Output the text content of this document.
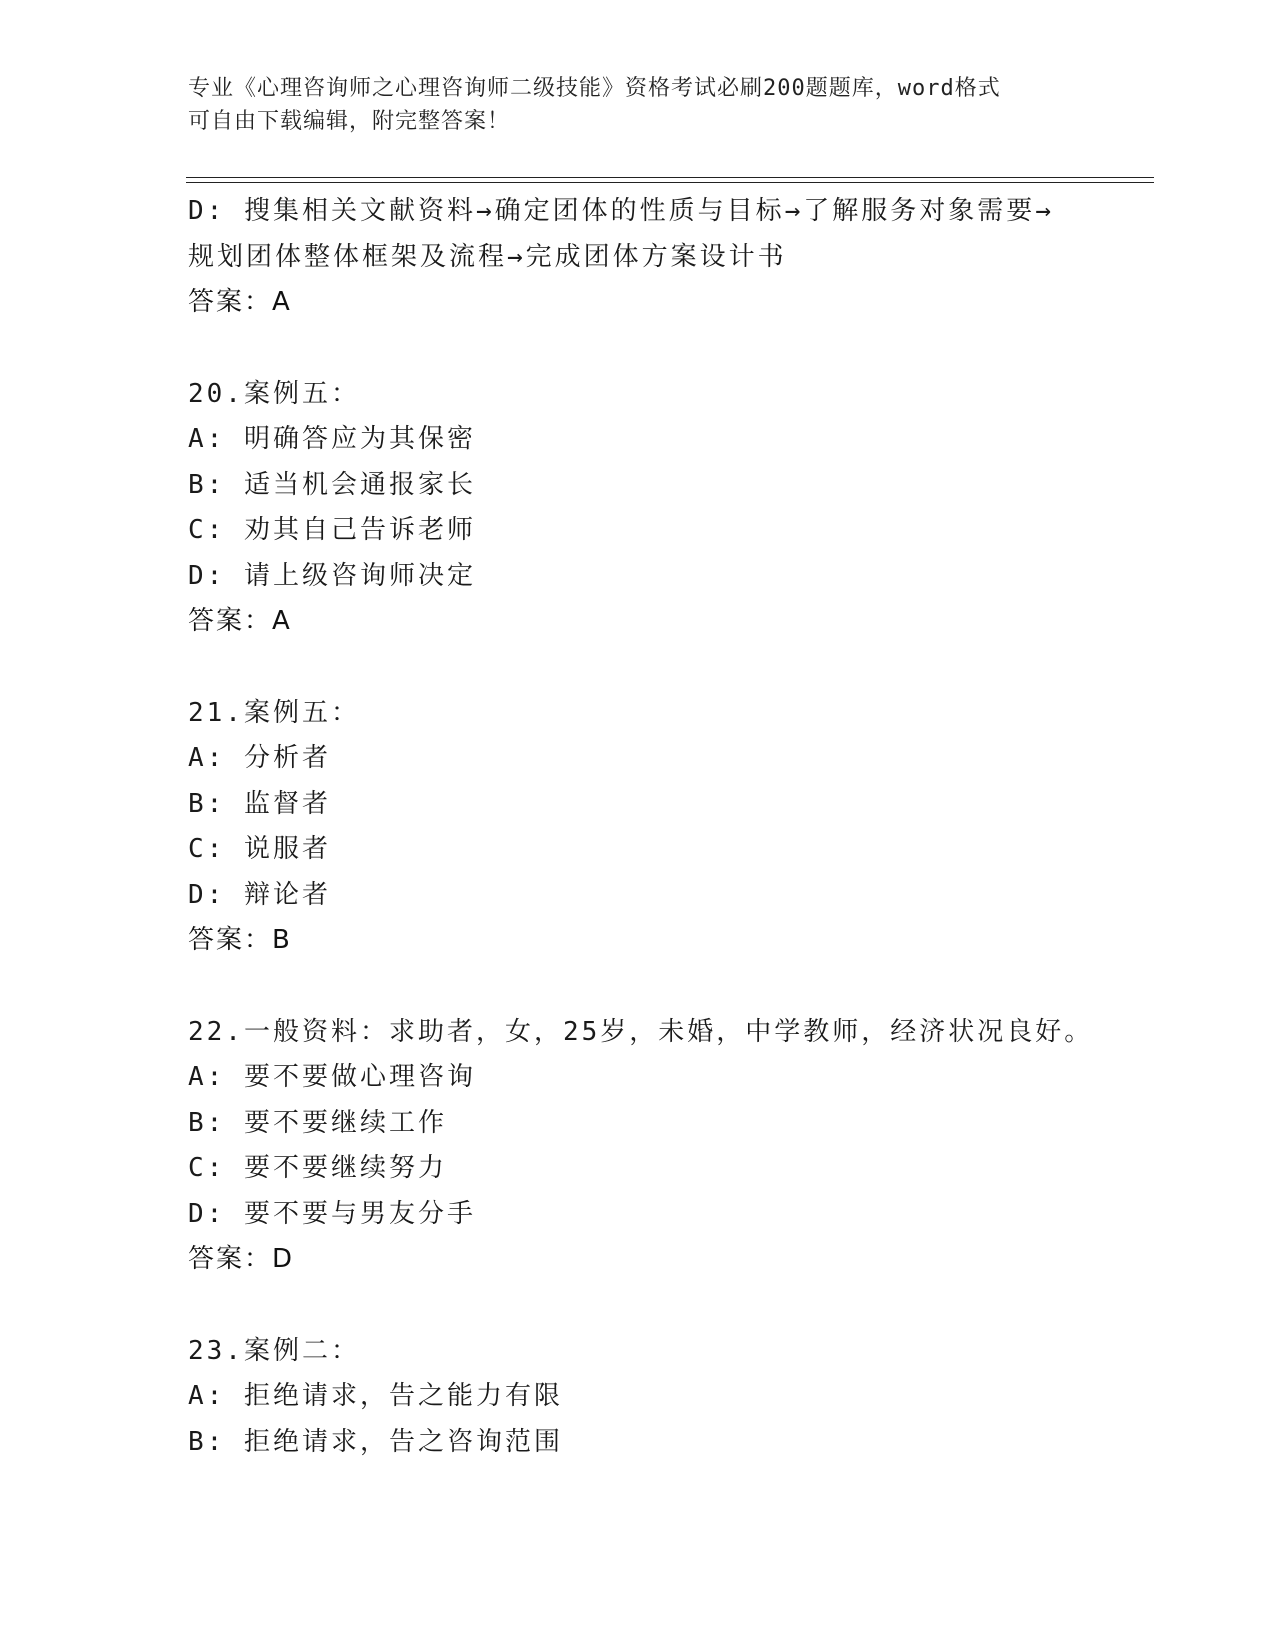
专业《心理咨询师之心理咨询师二级技能》资格考试必刷200题题库，word格式
可自由下载编辑，附完整答案！
D: 搜集相关文献资料→确定团体的性质与目标→了解服务对象需要→
规划团体整体框架及流程→完成团体方案设计书
答案：A
20.案例五：
A: 明确答应为其保密
B: 适当机会通报家长
C: 劝其自己告诉老师
D: 请上级咨询师决定
答案：A
21.案例五：
A: 分析者
B: 监督者
C: 说服者
D: 辩论者
答案：B
22.一般资料：求助者，女，25岁，未婚，中学教师，经济状况良好。
A: 要不要做心理咨询
B: 要不要继续工作
C: 要不要继续努力
D: 要不要与男友分手
答案：D
23.案例二：
A: 拒绝请求，告之能力有限
B: 拒绝请求，告之咨询范围
